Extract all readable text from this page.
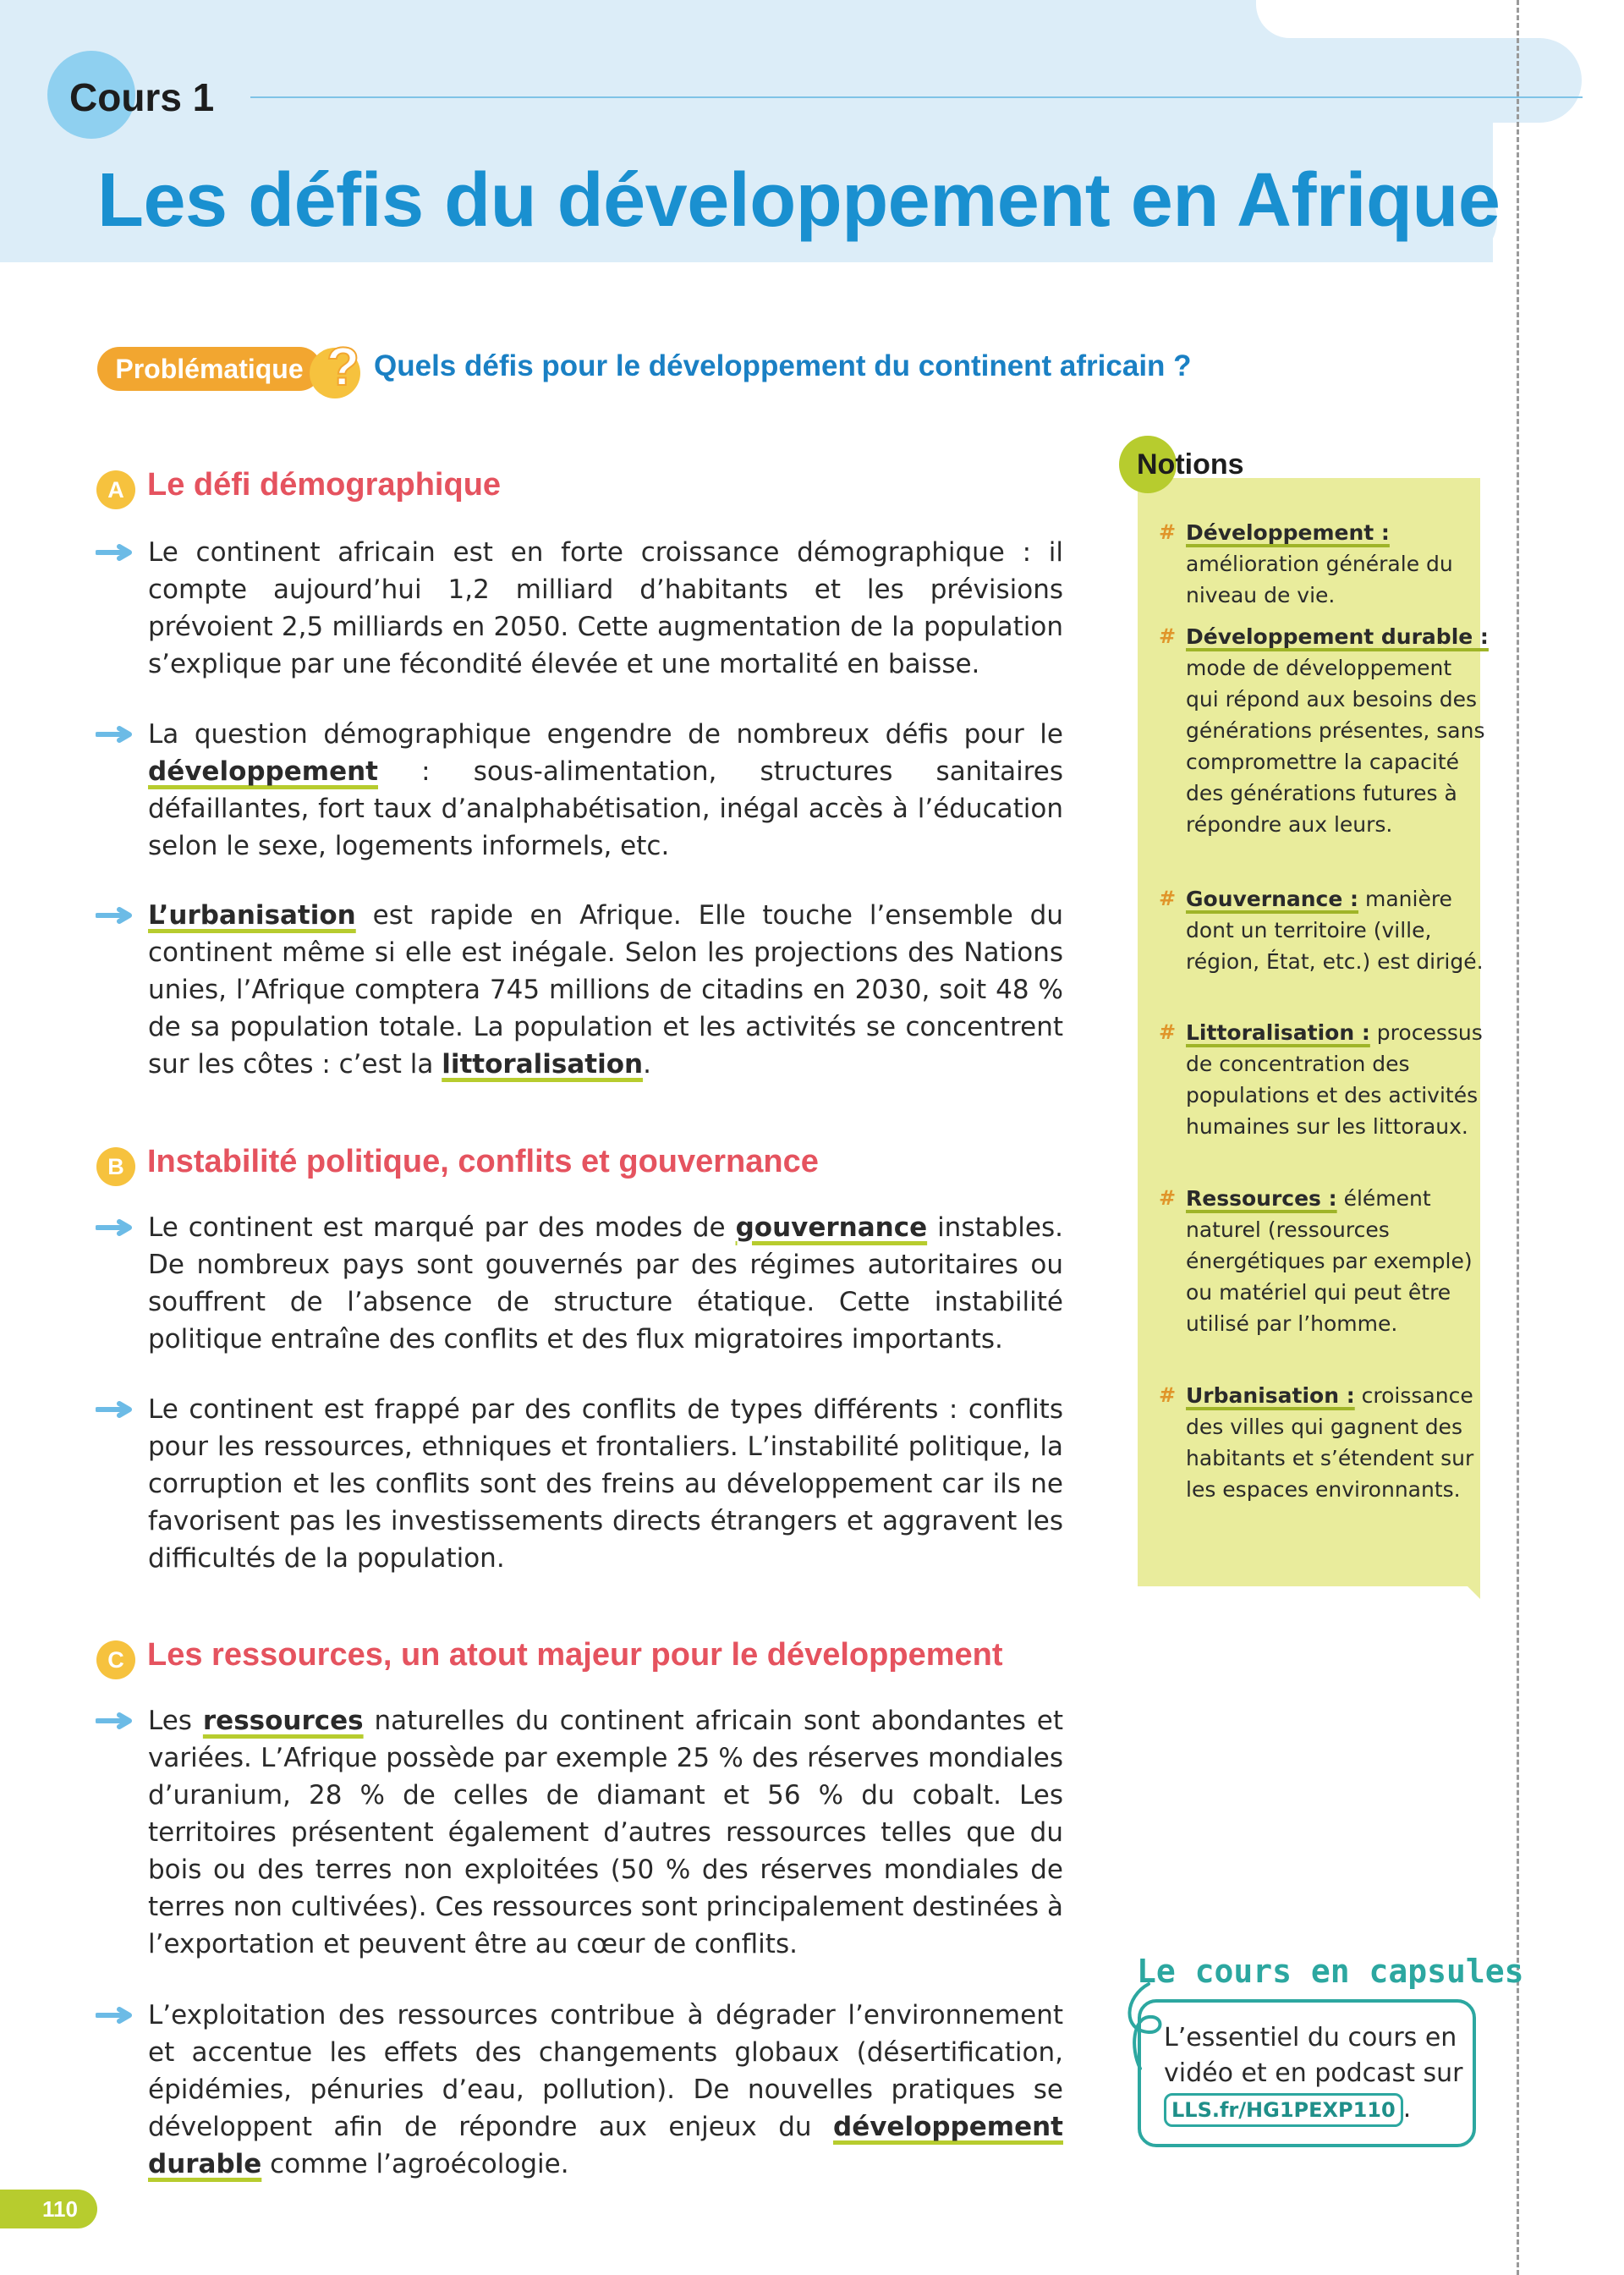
Cours 1
Les défis du développement en Afrique
Problématique ? Quels défis pour le développement du continent africain ?
A Le défi démographique

Le continent africain est en forte croissance démographique : il compte aujourd’hui 1,2 milliard d’habitants et les prévisions prévoient 2,5 milliards en 2050. Cette augmentation de la population s’explique par une fécondité élevée et une mortalité en baisse.

La question démographique engendre de nombreux défis pour le développement : sous-alimentation, structures sanitaires défaillantes, fort taux d’analphabétisation, inégal accès à l’éducation selon le sexe, logements informels, etc.

L’urbanisation est rapide en Afrique. Elle touche l’ensemble du continent même si elle est inégale. Selon les projections des Nations unies, l’Afrique comptera 745 millions de citadins en 2030, soit 48 % de sa population totale. La population et les activités se concentrent sur les côtes : c’est la littoralisation.

B Instabilité politique, conflits et gouvernance

Le continent est marqué par des modes de gouvernance instables. De nombreux pays sont gouvernés par des régimes autoritaires ou souffrent de l’absence de structure étatique. Cette instabilité politique entraîne des conflits et des flux migratoires importants.

Le continent est frappé par des conflits de types différents : conflits pour les ressources, ethniques et frontaliers. L’instabilité politique, la corruption et les conflits sont des freins au développement car ils ne favorisent pas les investissements directs étrangers et aggravent les difficultés de la population.

C Les ressources, un atout majeur pour le développement

Les ressources naturelles du continent africain sont abondantes et variées. L’Afrique possède par exemple 25 % des réserves mondiales d’uranium, 28 % de celles de diamant et 56 % du cobalt. Les territoires présentent également d’autres ressources telles que du bois ou des terres non exploitées (50 % des réserves mondiales de terres non cultivées). Ces ressources sont principalement destinées à l’exportation et peuvent être au cœur de conflits.

L’exploitation des ressources contribue à dégrader l’environnement et accentue les effets des changements globaux (désertification, épidémies, pénuries d’eau, pollution). De nouvelles pratiques se développent afin de répondre aux enjeux du développement durable comme l’agroécologie.

Notions

# Développement : amélioration générale du niveau de vie.

# Développement durable : mode de développement qui répond aux besoins des générations présentes, sans compromettre la capacité des générations futures à répondre aux leurs.

# Gouvernance : manière dont un territoire (ville, région, État, etc.) est dirigé.

# Littoralisation : processus de concentration des populations et des activités humaines sur les littoraux.

# Ressources : élément naturel (ressources énergétiques par exemple) ou matériel qui peut être utilisé par l’homme.

# Urbanisation : croissance des villes qui gagnent des habitants et s’étendent sur les espaces environnants.

Le cours en capsules

L’essentiel du cours en vidéo et en podcast sur LLS.fr/HG1PEXP110 .

110
